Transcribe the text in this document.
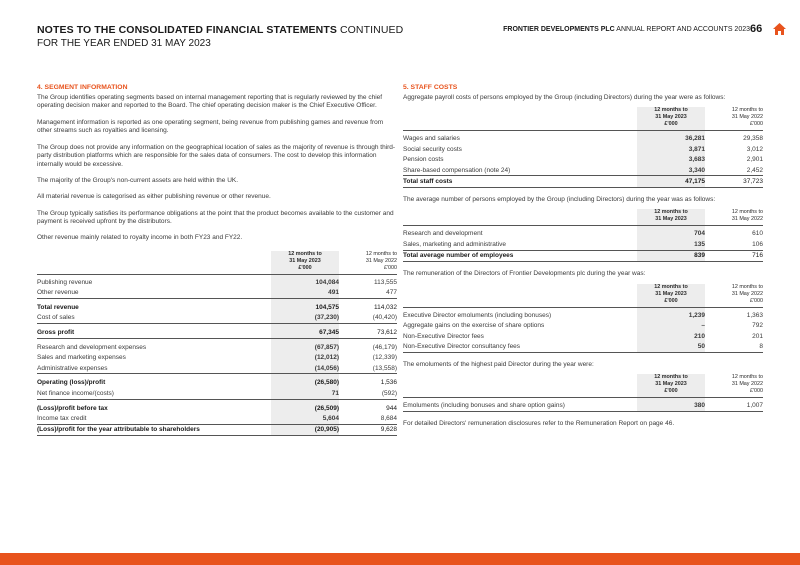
NOTES TO THE CONSOLIDATED FINANCIAL STATEMENTS CONTINUED
FOR THE YEAR ENDED 31 MAY 2023
FRONTIER DEVELOPMENTS PLC ANNUAL REPORT AND ACCOUNTS 2023 66
4. SEGMENT INFORMATION

The Group identifies operating segments based on internal management reporting that is regularly reviewed by the chief operating decision maker and reported to the Board. The chief operating decision maker is the Chief Executive Officer.

Management information is reported as one operating segment, being revenue from publishing games and revenue from other streams such as royalties and licensing.

The Group does not provide any information on the geographical location of sales as the majority of revenue is through third-party distribution platforms which are responsible for the sales data of consumers. The cost to develop this information internally would be excessive.

The majority of the Group's non-current assets are held within the UK.

All material revenue is categorised as either publishing revenue or other revenue.

The Group typically satisfies its performance obligations at the point that the product becomes available to the customer and payment is received upfront by the distributors.

Other revenue mainly related to royalty income in both FY23 and FY22.

	12 months to
31 May 2023
£'000	12 months to
31 May 2022
£'000
Publishing revenue	104,084	113,555
Other revenue	491	477
Total revenue	104,575	114,032
Cost of sales	(37,230)	(40,420)
Gross profit	67,345	73,612
Research and development expenses	(67,857)	(46,179)
Sales and marketing expenses	(12,012)	(12,339)
Administrative expenses	(14,056)	(13,558)
Operating (loss)/profit	(26,580)	1,536
Net finance income/(costs)	71	(592)
(Loss)/profit before tax	(26,509)	944
Income tax credit	5,604	8,684
(Loss)/profit for the year attributable to shareholders	(20,905)	9,628
5. STAFF COSTS

Aggregate payroll costs of persons employed by the Group (including Directors) during the year were as follows:

	12 months to
31 May 2023
£'000	12 months to
31 May 2022
£'000
Wages and salaries	36,281	29,358
Social security costs	3,871	3,012
Pension costs	3,683	2,901
Share-based compensation (note 24)	3,340	2,452
Total staff costs	47,175	37,723

The average number of persons employed by the Group (including Directors) during the year was as follows:

	12 months to
31 May 2023	12 months to
31 May 2022
Research and development	704	610
Sales, marketing and administrative	135	106
Total average number of employees	839	716

The remuneration of the Directors of Frontier Developments plc during the year was:

	12 months to
31 May 2023
£'000	12 months to
31 May 2022
£'000
Executive Director emoluments (including bonuses)	1,239	1,363
Aggregate gains on the exercise of share options	–	792
Non-Executive Director fees	210	201
Non-Executive Director consultancy fees	50	8

The emoluments of the highest paid Director during the year were:

	12 months to
31 May 2023
£'000	12 months to
31 May 2022
£'000
Emoluments (including bonuses and share option gains)	380	1,007

For detailed Directors' remuneration disclosures refer to the Remuneration Report on page 46.
